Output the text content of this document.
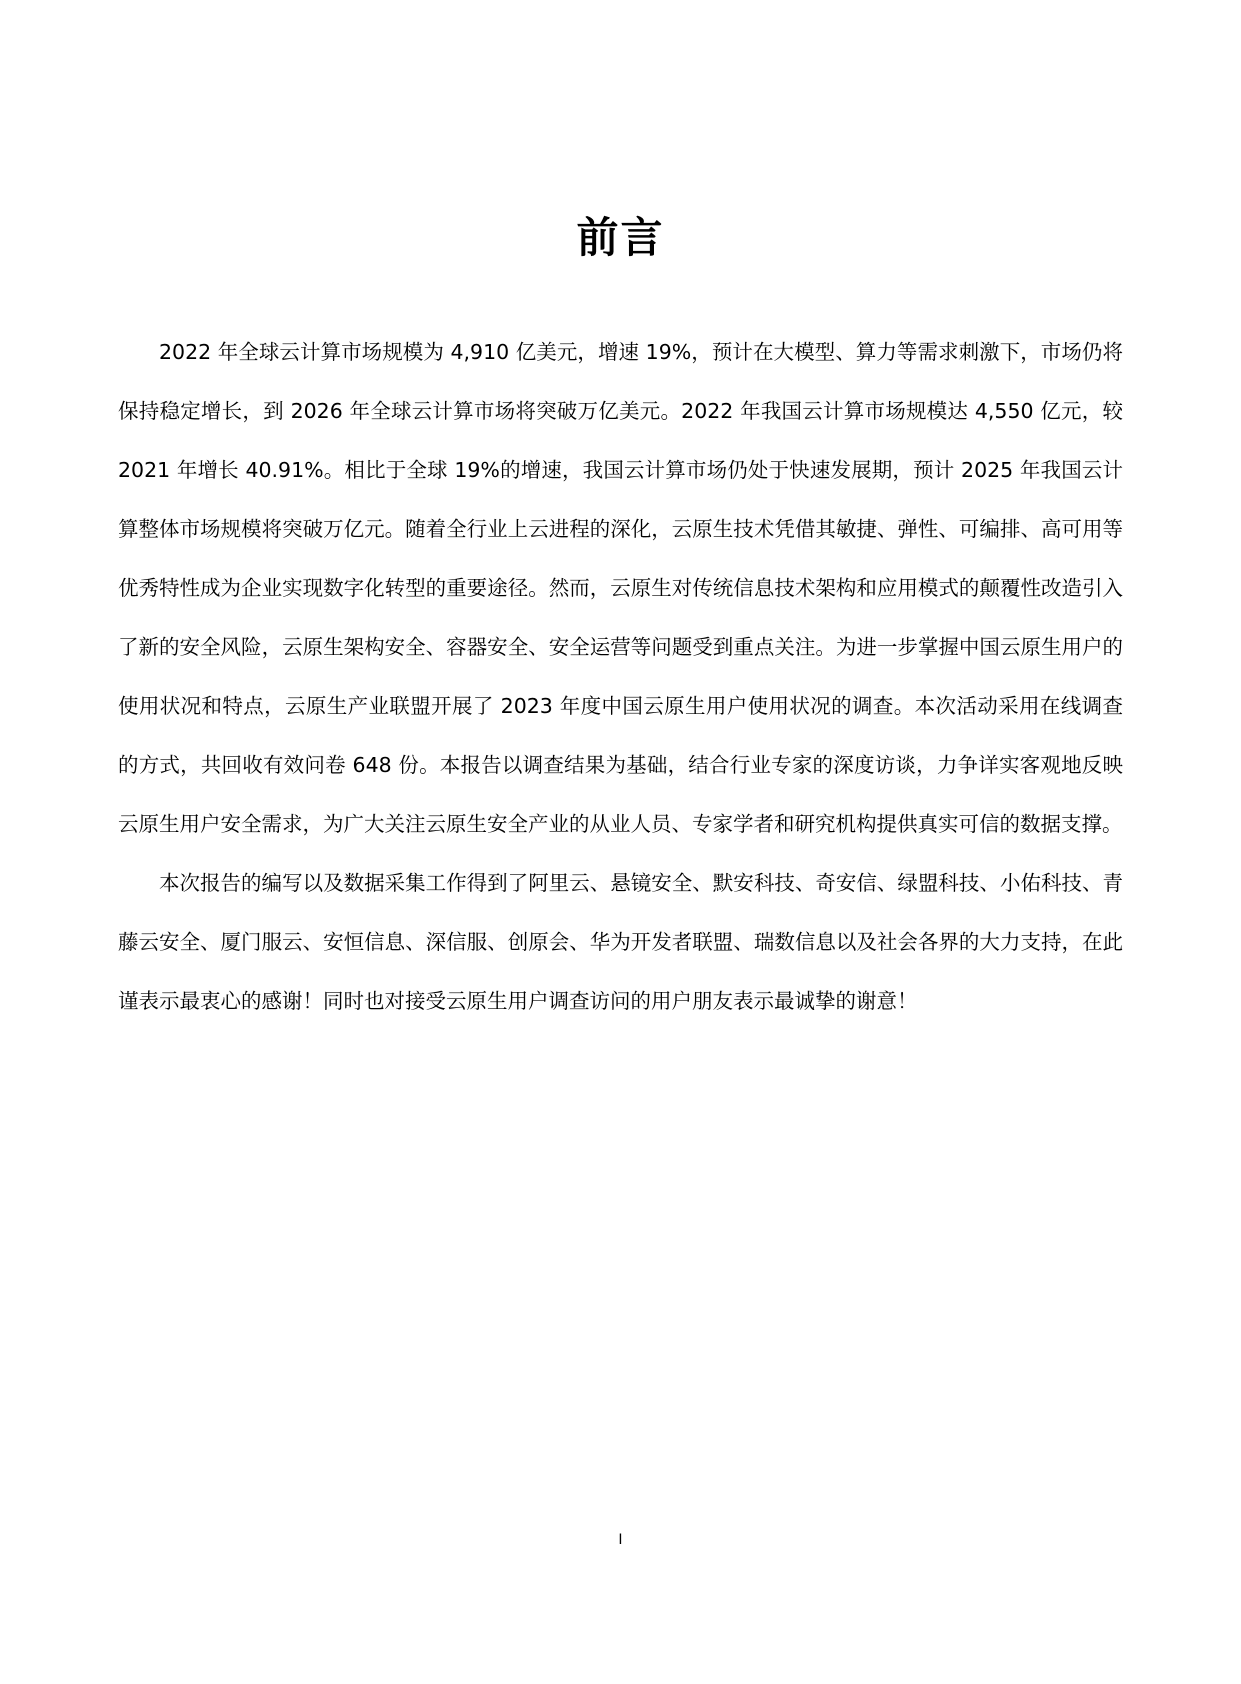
前言

2022 年全球云计算市场规模为 4,910 亿美元，增速 19%，预计在大模型、算力等需求刺激下，市场仍将保持稳定增长，到 2026 年全球云计算市场将突破万亿美元。2022 年我国云计算市场规模达 4,550 亿元，较 2021 年增长 40.91%。相比于全球 19%的增速，我国云计算市场仍处于快速发展期，预计 2025 年我国云计算整体市场规模将突破万亿元。随着全行业上云进程的深化，云原生技术凭借其敏捷、弹性、可编排、高可用等优秀特性成为企业实现数字化转型的重要途径。然而，云原生对传统信息技术架构和应用模式的颠覆性改造引入了新的安全风险，云原生架构安全、容器安全、安全运营等问题受到重点关注。为进一步掌握中国云原生用户的使用状况和特点，云原生产业联盟开展了 2023 年度中国云原生用户使用状况的调查。本次活动采用在线调查的方式，共回收有效问卷 648 份。本报告以调查结果为基础，结合行业专家的深度访谈，力争详实客观地反映云原生用户安全需求，为广大关注云原生安全产业的从业人员、专家学者和研究机构提供真实可信的数据支撑。

本次报告的编写以及数据采集工作得到了阿里云、悬镜安全、默安科技、奇安信、绿盟科技、小佑科技、青藤云安全、厦门服云、安恒信息、深信服、创原会、华为开发者联盟、瑞数信息以及社会各界的大力支持，在此谨表示最衷心的感谢！同时也对接受云原生用户调查访问的用户朋友表示最诚挚的谢意！

I
